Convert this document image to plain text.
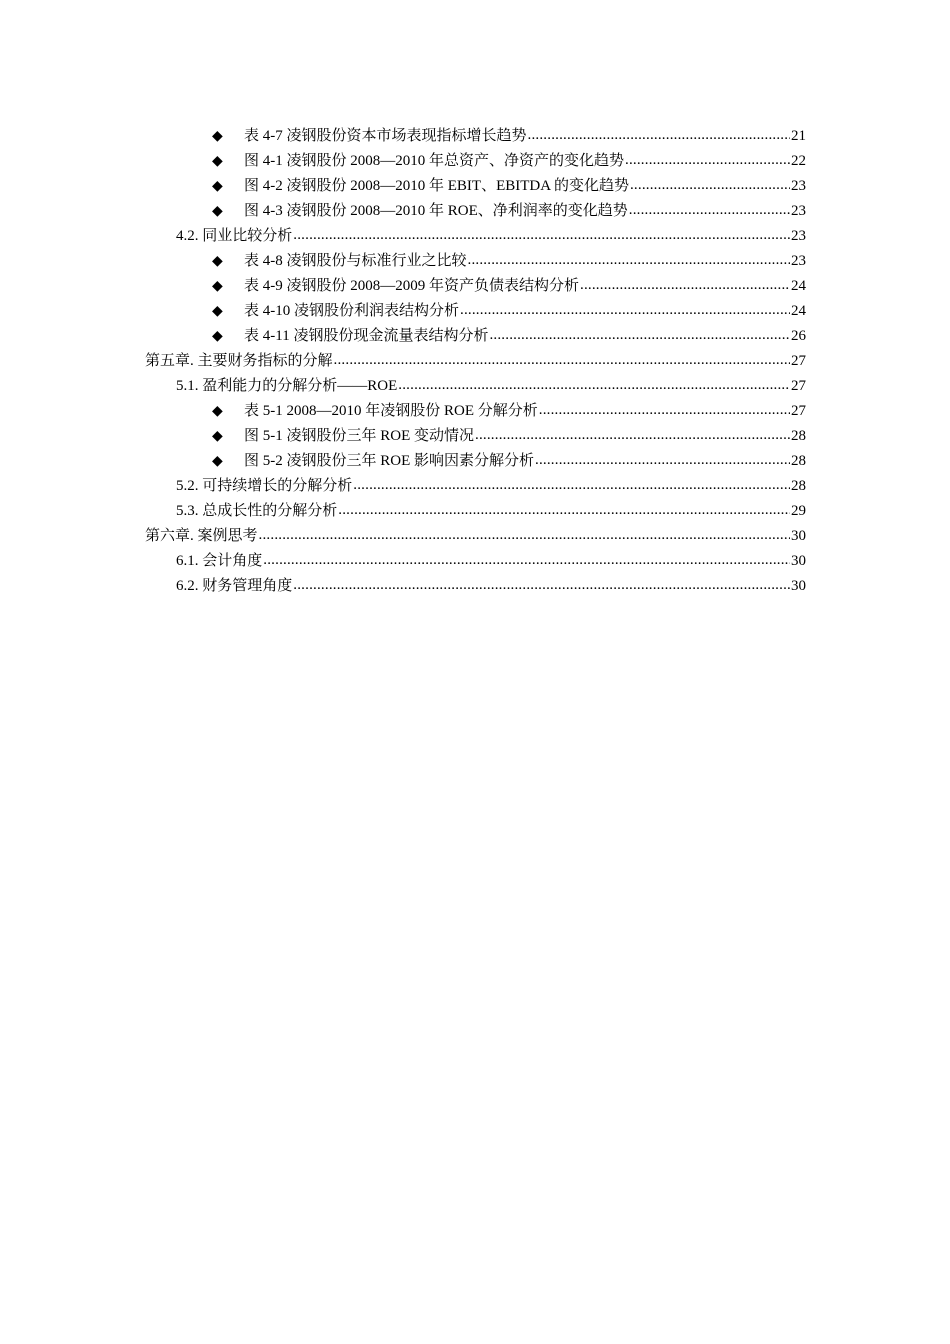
◆	表 4-7 凌钢股份资本市场表现指标增长趋势 .....	21
◆	图 4-1 凌钢股份 2008—2010 年总资产、净资产的变化趋势 .....	22
◆	图 4-2 凌钢股份 2008—2010 年 EBIT、EBITDA 的变化趋势 .....	23
◆	图 4-3 凌钢股份 2008—2010 年 ROE、净利润率的变化趋势 .....	23
4.2. 同业比较分析 .....	23
◆	表 4-8 凌钢股份与标准行业之比较 .....	23
◆	表 4-9 凌钢股份 2008—2009 年资产负债表结构分析 .....	24
◆	表 4-10 凌钢股份利润表结构分析 .....	24
◆	表 4-11 凌钢股份现金流量表结构分析 .....	26
第五章. 主要财务指标的分解 .....	27
5.1. 盈利能力的分解分析——ROE .....	27
◆	表 5-1 2008—2010 年凌钢股份 ROE 分解分析 .....	27
◆	图 5-1 凌钢股份三年 ROE 变动情况 .....	28
◆	图 5-2 凌钢股份三年 ROE 影响因素分解分析 .....	28
5.2. 可持续增长的分解分析 .....	28
5.3. 总成长性的分解分析 .....	29
第六章. 案例思考 .....	30
6.1. 会计角度 .....	30
6.2. 财务管理角度 .....	30
